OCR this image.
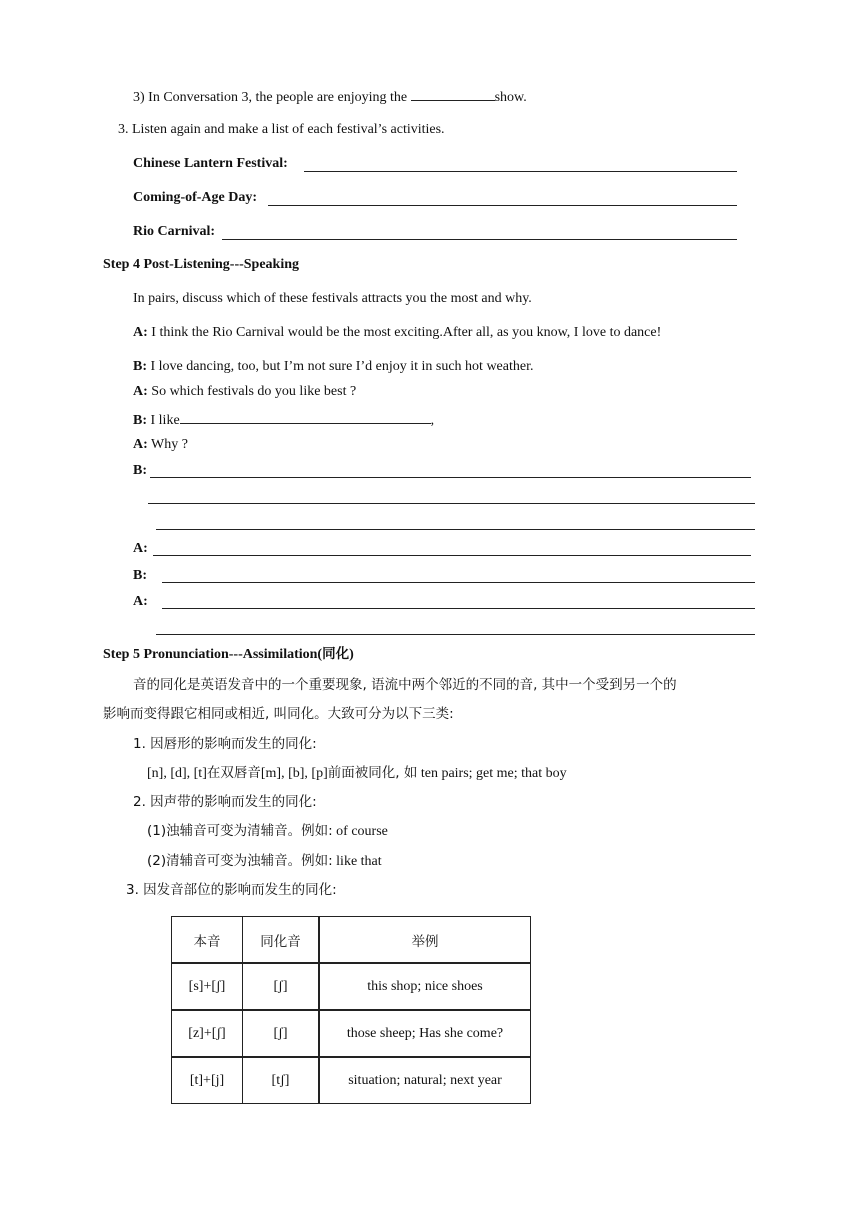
3) In Conversation 3, the people are enjoying the	show.
3. Listen again and make a list of each festival’s activities.
Chinese Lantern Festival:
Coming-of-Age Day:
Rio Carnival:
Step 4 Post-Listening---Speaking
In pairs, discuss which of these festivals attracts you the most and why.
A: I think the Rio Carnival would be the most exciting.After all, as you know, I love to dance!
B: I love dancing, too, but I’m not sure I’d enjoy it in such hot weather.
A: So which festivals do you like best ?
B: I like	,
A: Why ?
B:
A:
B:
A:
Step 5 Pronunciation---Assimilation(同化)
音的同化是英语发音中的一个重要现象, 语流中两个邻近的不同的音, 其中一个受到另一个的
影响而变得跟它相同或相近, 叫同化。大致可分为以下三类:
1. 因唇形的影响而发生的同化:
[n], [d], [t]在双唇音[m], [b], [p]前面被同化, 如 ten pairs; get me; that boy
2. 因声带的影响而发生的同化:
(1)浊辅音可变为清辅音。例如: of course
(2)清辅音可变为浊辅音。例如: like that
3. 因发音部位的影响而发生的同化:
本音	同化音	举例
[s]+[ʃ]	[ʃ]	this shop; nice shoes
[z]+[ʃ]	[ʃ]	those sheep; Has she come?
[t]+[j]	[tʃ]	situation; natural; next year
